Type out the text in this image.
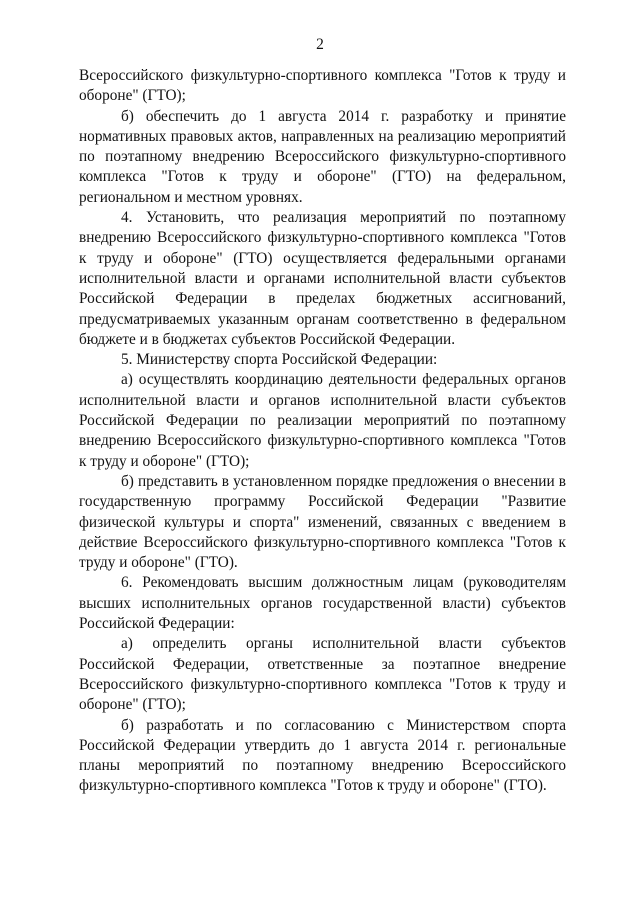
2

Всероссийского физкультурно-спортивного комплекса "Готов к труду и обороне" (ГТО);

б) обеспечить до 1 августа 2014 г. разработку и принятие нормативных правовых актов, направленных на реализацию мероприятий по поэтапному внедрению Всероссийского физкультурно-спортивного комплекса "Готов к труду и обороне" (ГТО) на федеральном, региональном и местном уровнях.

4. Установить, что реализация мероприятий по поэтапному внедрению Всероссийского физкультурно-спортивного комплекса "Готов к труду и обороне" (ГТО) осуществляется федеральными органами исполнительной власти и органами исполнительной власти субъектов Российской Федерации в пределах бюджетных ассигнований, предусматриваемых указанным органам соответственно в федеральном бюджете и в бюджетах субъектов Российской Федерации.

5. Министерству спорта Российской Федерации:

а) осуществлять координацию деятельности федеральных органов исполнительной власти и органов исполнительной власти субъектов Российской Федерации по реализации мероприятий по поэтапному внедрению Всероссийского физкультурно-спортивного комплекса "Готов к труду и обороне" (ГТО);

б) представить в установленном порядке предложения о внесении в государственную программу Российской Федерации "Развитие физической культуры и спорта" изменений, связанных с введением в действие Всероссийского физкультурно-спортивного комплекса "Готов к труду и обороне" (ГТО).

6. Рекомендовать высшим должностным лицам (руководителям высших исполнительных органов государственной власти) субъектов Российской Федерации:

а) определить органы исполнительной власти субъектов Российской Федерации, ответственные за поэтапное внедрение Всероссийского физкультурно-спортивного комплекса "Готов к труду и обороне" (ГТО);

б) разработать и по согласованию с Министерством спорта Российской Федерации утвердить до 1 августа 2014 г. региональные планы мероприятий по поэтапному внедрению Всероссийского физкультурно-спортивного комплекса "Готов к труду и обороне" (ГТО).
